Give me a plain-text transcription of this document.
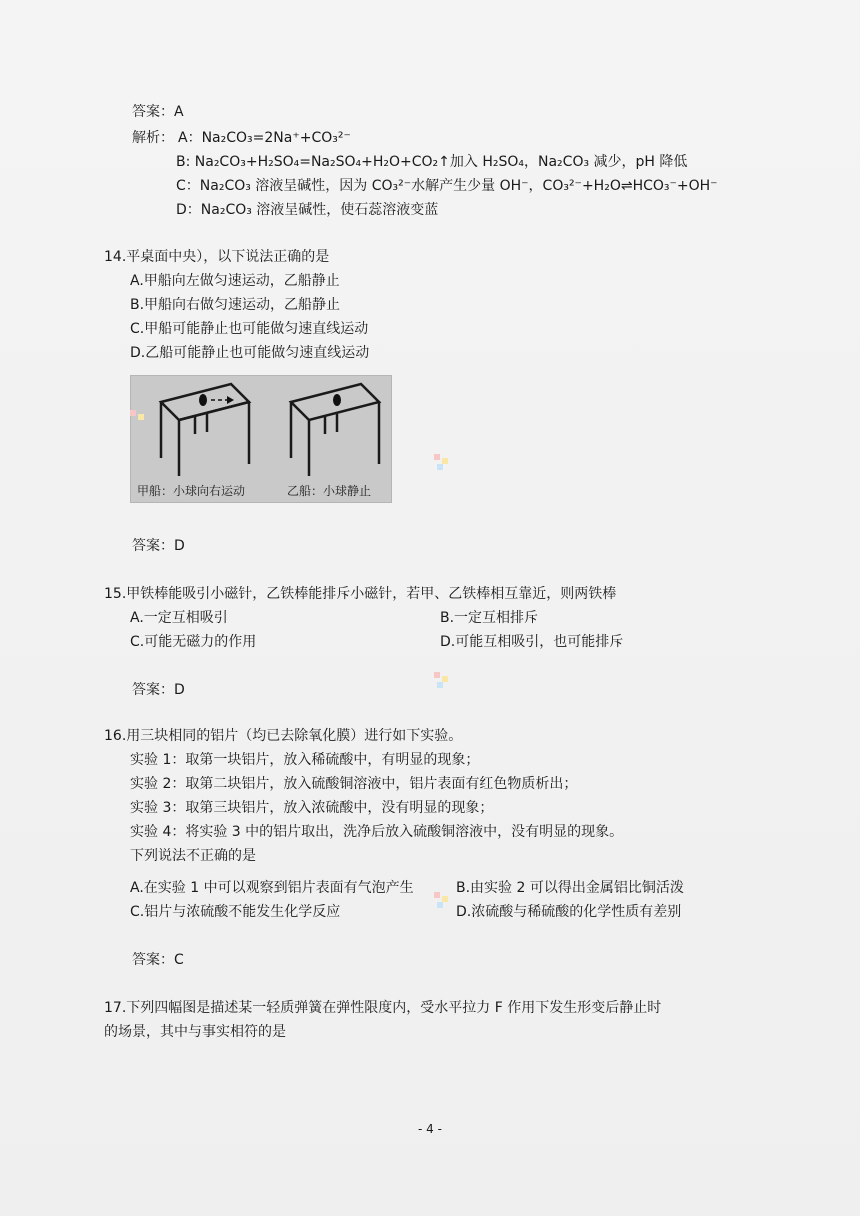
答案：A
解析： A：Na₂CO₃=2Na⁺+CO₃²⁻
B: Na₂CO₃+H₂SO₄=Na₂SO₄+H₂O+CO₂↑加入 H₂SO₄，Na₂CO₃ 减少，pH 降低
C：Na₂CO₃ 溶液呈碱性，因为 CO₃²⁻水解产生少量 OH⁻，CO₃²⁻+H₂O⇌HCO₃⁻+OH⁻
D：Na₂CO₃ 溶液呈碱性，使石蕊溶液变蓝
14.平桌面中央），以下说法正确的是
A.甲船向左做匀速运动，乙船静止
B.甲船向右做匀速运动，乙船静止
C.甲船可能静止也可能做匀速直线运动
D.乙船可能静止也可能做匀速直线运动
甲船：小球向右运动	乙船：小球静止
答案：D
15.甲铁棒能吸引小磁针，乙铁棒能排斥小磁针，若甲、乙铁棒相互靠近，则两铁棒
A.一定互相吸引	B.一定互相排斥
C.可能无磁力的作用	D.可能互相吸引，也可能排斥
答案：D
16.用三块相同的铝片（均已去除氧化膜）进行如下实验。
实验 1：取第一块铝片，放入稀硫酸中，有明显的现象；
实验 2：取第二块铝片，放入硫酸铜溶液中，铝片表面有红色物质析出；
实验 3：取第三块铝片，放入浓硫酸中，没有明显的现象；
实验 4：将实验 3 中的铝片取出，洗净后放入硫酸铜溶液中，没有明显的现象。
下列说法不正确的是
A.在实验 1 中可以观察到铝片表面有气泡产生	B.由实验 2 可以得出金属铝比铜活泼
C.铝片与浓硫酸不能发生化学反应	D.浓硫酸与稀硫酸的化学性质有差别
答案：C
17.下列四幅图是描述某一轻质弹簧在弹性限度内，受水平拉力 F 作用下发生形变后静止时
的场景，其中与事实相符的是
- 4 -
